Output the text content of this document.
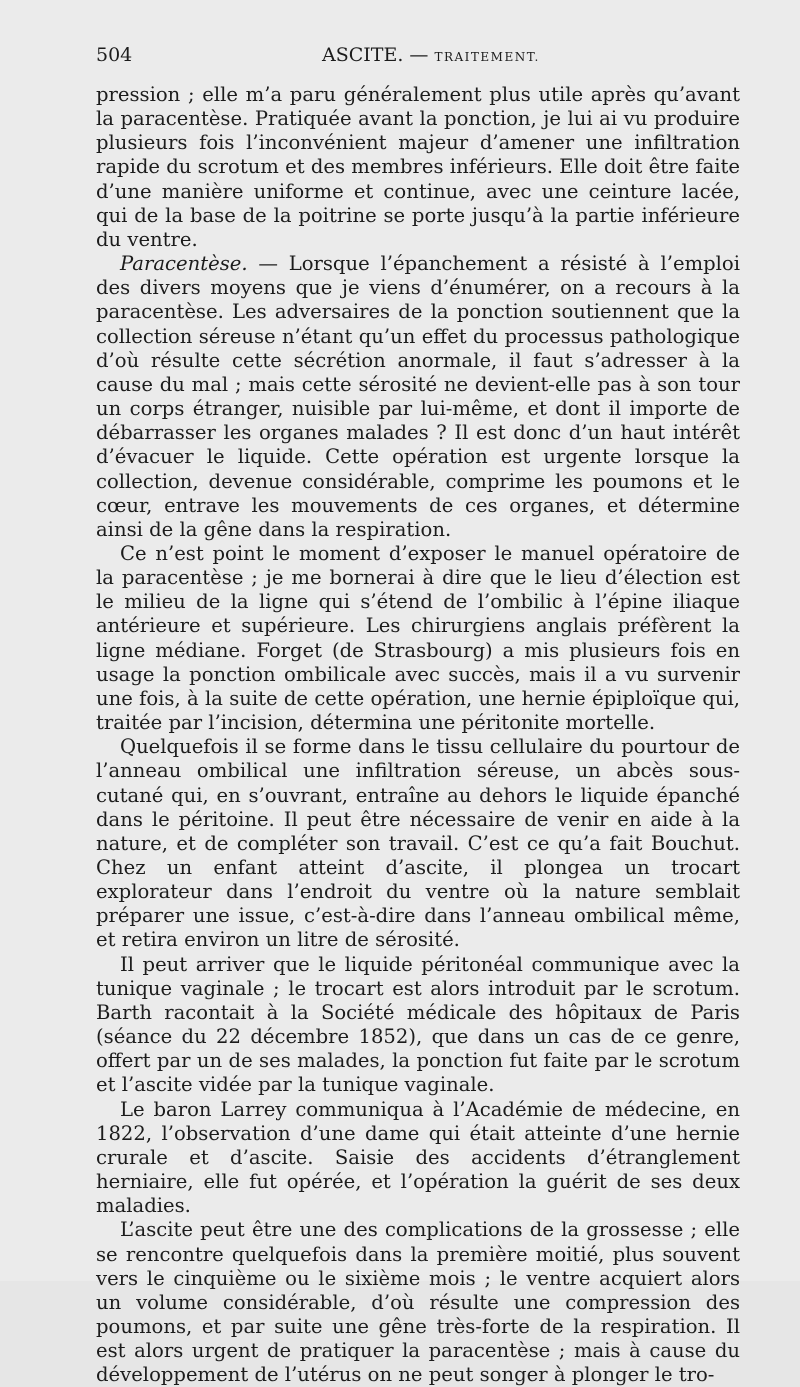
504	ASCITE. — TRAITEMENT.

pression ; elle m’a paru généralement plus utile après qu’avant la paracentèse. Pratiquée avant la ponction, je lui ai vu produire plusieurs fois l’inconvénient majeur d’amener une infiltration rapide du scrotum et des membres inférieurs. Elle doit être faite d’une manière uniforme et continue, avec une ceinture lacée, qui de la base de la poitrine se porte jusqu’à la partie inférieure du ventre.

Paracentèse. — Lorsque l’épanchement a résisté à l’emploi des divers moyens que je viens d’énumérer, on a recours à la paracentèse. Les adversaires de la ponction soutiennent que la collection séreuse n’étant qu’un effet du processus pathologique d’où résulte cette sécrétion anormale, il faut s’adresser à la cause du mal ; mais cette sérosité ne devient-elle pas à son tour un corps étranger, nuisible par lui-même, et dont il importe de débarrasser les organes malades ? Il est donc d’un haut intérêt d’évacuer le liquide. Cette opération est urgente lorsque la collection, devenue considérable, comprime les poumons et le cœur, entrave les mouvements de ces organes, et détermine ainsi de la gêne dans la respiration.

Ce n’est point le moment d’exposer le manuel opératoire de la paracentèse ; je me bornerai à dire que le lieu d’élection est le milieu de la ligne qui s’étend de l’ombilic à l’épine iliaque antérieure et supérieure. Les chirurgiens anglais préfèrent la ligne médiane. Forget (de Strasbourg) a mis plusieurs fois en usage la ponction ombilicale avec succès, mais il a vu survenir une fois, à la suite de cette opération, une hernie épiploïque qui, traitée par l’incision, détermina une péritonite mortelle.

Quelquefois il se forme dans le tissu cellulaire du pourtour de l’anneau ombilical une infiltration séreuse, un abcès sous-cutané qui, en s’ouvrant, entraîne au dehors le liquide épanché dans le péritoine. Il peut être nécessaire de venir en aide à la nature, et de compléter son travail. C’est ce qu’a fait Bouchut. Chez un enfant atteint d’ascite, il plongea un trocart explorateur dans l’endroit du ventre où la nature semblait préparer une issue, c’est-à-dire dans l’anneau ombilical même, et retira environ un litre de sérosité.

Il peut arriver que le liquide péritonéal communique avec la tunique vaginale ; le trocart est alors introduit par le scrotum. Barth racontait à la Société médicale des hôpitaux de Paris (séance du 22 décembre 1852), que dans un cas de ce genre, offert par un de ses malades, la ponction fut faite par le scrotum et l’ascite vidée par la tunique vaginale.

Le baron Larrey communiqua à l’Académie de médecine, en 1822, l’observation d’une dame qui était atteinte d’une hernie crurale et d’ascite. Saisie des accidents d’étranglement herniaire, elle fut opérée, et l’opération la guérit de ses deux maladies.

L’ascite peut être une des complications de la grossesse ; elle se rencontre quelquefois dans la première moitié, plus souvent vers le cinquième ou le sixième mois ; le ventre acquiert alors un volume considérable, d’où résulte une compression des poumons, et par suite une gêne très-forte de la respiration. Il est alors urgent de pratiquer la paracentèse ; mais à cause du développement de l’utérus on ne peut songer à plonger le tro-
